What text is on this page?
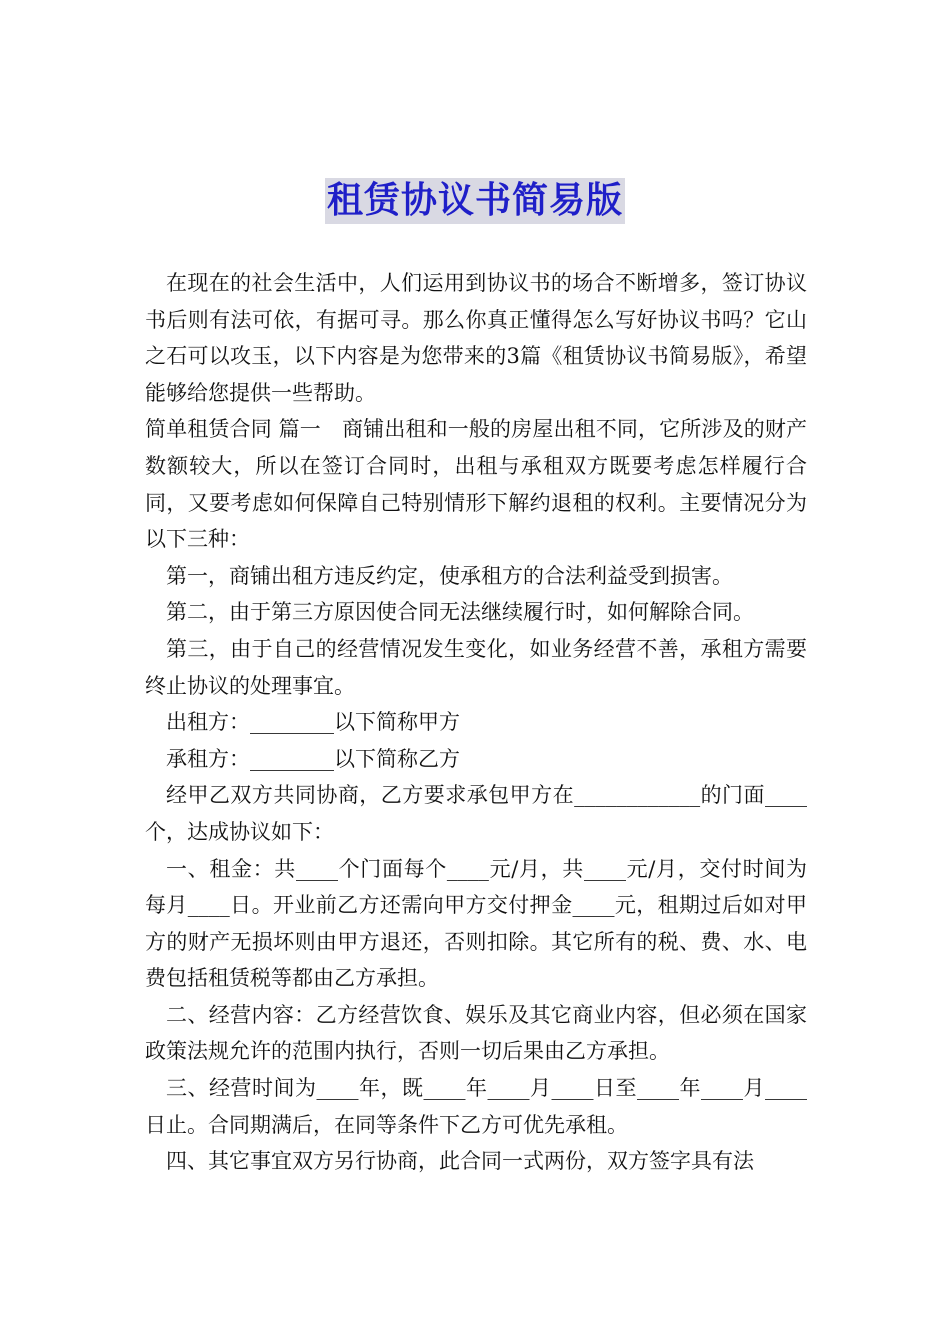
租赁协议书简易版

在现在的社会生活中，人们运用到协议书的场合不断增多，签订协议书后则有法可依，有据可寻。那么你真正懂得怎么写好协议书吗？它山之石可以攻玉，以下内容是为您带来的3篇《租赁协议书简易版》，希望能够给您提供一些帮助。

简单租赁合同 篇一　商铺出租和一般的房屋出租不同，它所涉及的财产数额较大，所以在签订合同时，出租与承租双方既要考虑怎样履行合同，又要考虑如何保障自己特别情形下解约退租的权利。主要情况分为以下三种：

第一，商铺出租方违反约定，使承租方的合法利益受到损害。

第二，由于第三方原因使合同无法继续履行时，如何解除合同。

第三，由于自己的经营情况发生变化，如业务经营不善，承租方需要终止协议的处理事宜。

出租方：________以下简称甲方

承租方：________以下简称乙方

经甲乙双方共同协商，乙方要求承包甲方在____________的门面____个，达成协议如下：

一、租金：共____个门面每个____元/月，共____元/月，交付时间为每月____日。开业前乙方还需向甲方交付押金____元，租期过后如对甲方的财产无损坏则由甲方退还，否则扣除。其它所有的税、费、水、电费包括租赁税等都由乙方承担。

二、经营内容：乙方经营饮食、娱乐及其它商业内容，但必须在国家政策法规允许的范围内执行，否则一切后果由乙方承担。

三、经营时间为____年，既____年____月____日至____年____月____日止。合同期满后，在同等条件下乙方可优先承租。

四、其它事宜双方另行协商，此合同一式两份，双方签字具有法
